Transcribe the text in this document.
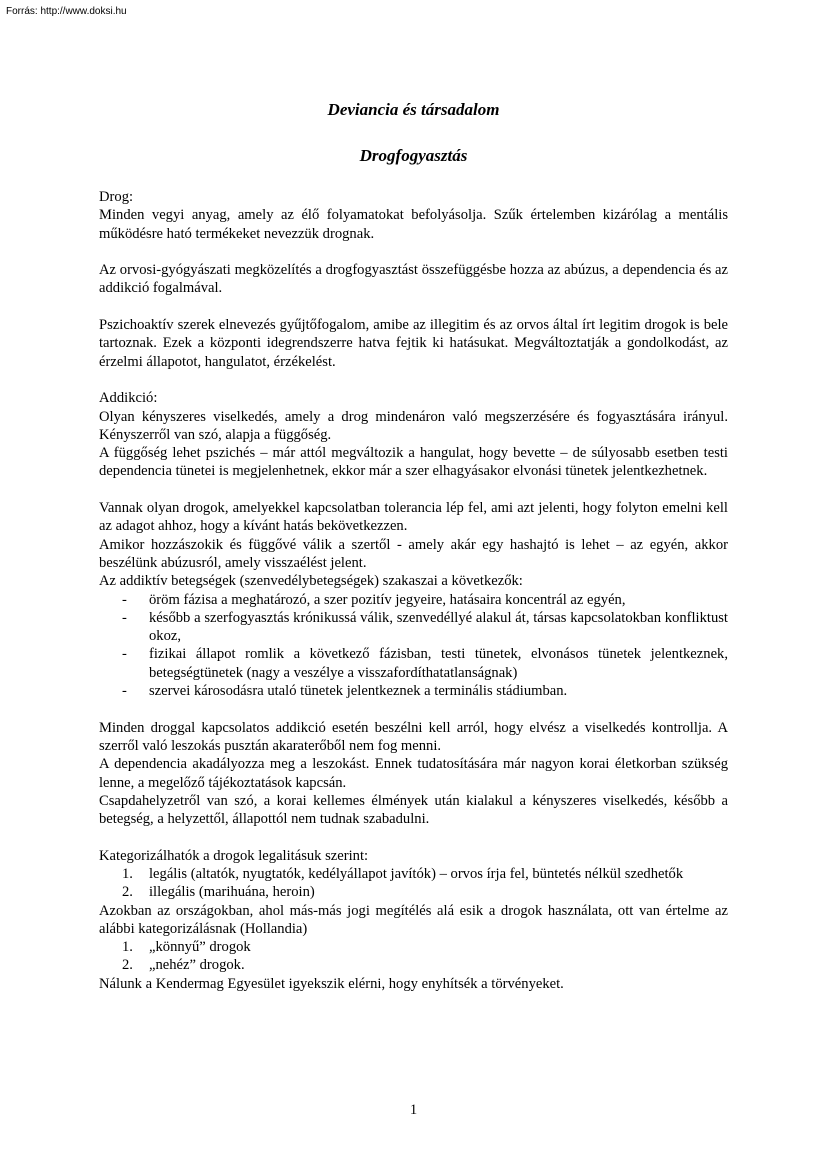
Forrás: http://www.doksi.hu
Deviancia és társadalom
Drogfogyasztás

Drog:

Minden vegyi anyag, amely az élő folyamatokat befolyásolja. Szűk értelemben kizárólag a mentális működésre ható termékeket nevezzük drognak.

Az orvosi-gyógyászati megközelítés a drogfogyasztást összefüggésbe hozza az abúzus, a dependencia és az addikció fogalmával.

Pszichoaktív szerek elnevezés gyűjtőfogalom, amibe az illegitim és az orvos által írt legitim drogok is bele tartoznak. Ezek a központi idegrendszerre hatva fejtik ki hatásukat. Megváltoztatják a gondolkodást, az érzelmi állapotot, hangulatot, érzékelést.

Addikció:

Olyan kényszeres viselkedés, amely a drog mindenáron való megszerzésére és fogyasztására irányul. Kényszerről van szó, alapja a függőség.

A függőség lehet pszichés – már attól megváltozik a hangulat, hogy bevette – de súlyosabb esetben testi dependencia tünetei is megjelenhetnek, ekkor már a szer elhagyásakor elvonási tünetek jelentkezhetnek.

Vannak olyan drogok, amelyekkel kapcsolatban tolerancia lép fel, ami azt jelenti, hogy folyton emelni kell az adagot ahhoz, hogy a kívánt hatás bekövetkezzen.

Amikor hozzászokik és függővé válik a szertől - amely akár egy hashajtó is lehet – az egyén, akkor beszélünk abúzusról, amely visszaélést jelent.

Az addiktív betegségek (szenvedélybetegségek) szakaszai a következők:

- öröm fázisa a meghatározó, a szer pozitív jegyeire, hatásaira koncentrál az egyén,
- később a szerfogyasztás krónikussá válik, szenvedéllyé alakul át, társas kapcsolatokban konfliktust okoz,
- fizikai állapot romlik a következő fázisban, testi tünetek, elvonásos tünetek jelentkeznek, betegségtünetek (nagy a veszélye a visszafordíthatatlanságnak)
- szervei károsodásra utaló tünetek jelentkeznek a terminális stádiumban.

Minden droggal kapcsolatos addikció esetén beszélni kell arról, hogy elvész a viselkedés kontrollja. A szerről való leszokás pusztán akaraterőből nem fog menni.

A dependencia akadályozza meg a leszokást. Ennek tudatosítására már nagyon korai életkorban szükség lenne, a megelőző tájékoztatások kapcsán.

Csapdahelyzetről van szó, a korai kellemes élmények után kialakul a kényszeres viselkedés, később a betegség, a helyzettől, állapottól nem tudnak szabadulni.

Kategorizálhatók a drogok legalitásuk szerint:

1. legális (altatók, nyugtatók, kedélyállapot javítók) – orvos írja fel, büntetés nélkül szedhetők
2. illegális (marihuána, heroin)

Azokban az országokban, ahol más-más jogi megítélés alá esik a drogok használata, ott van értelme az alábbi kategorizálásnak (Hollandia)

1. „könnyű” drogok
2. „nehéz” drogok.

Nálunk a Kendermag Egyesület igyekszik elérni, hogy enyhítsék a törvényeket.

1
